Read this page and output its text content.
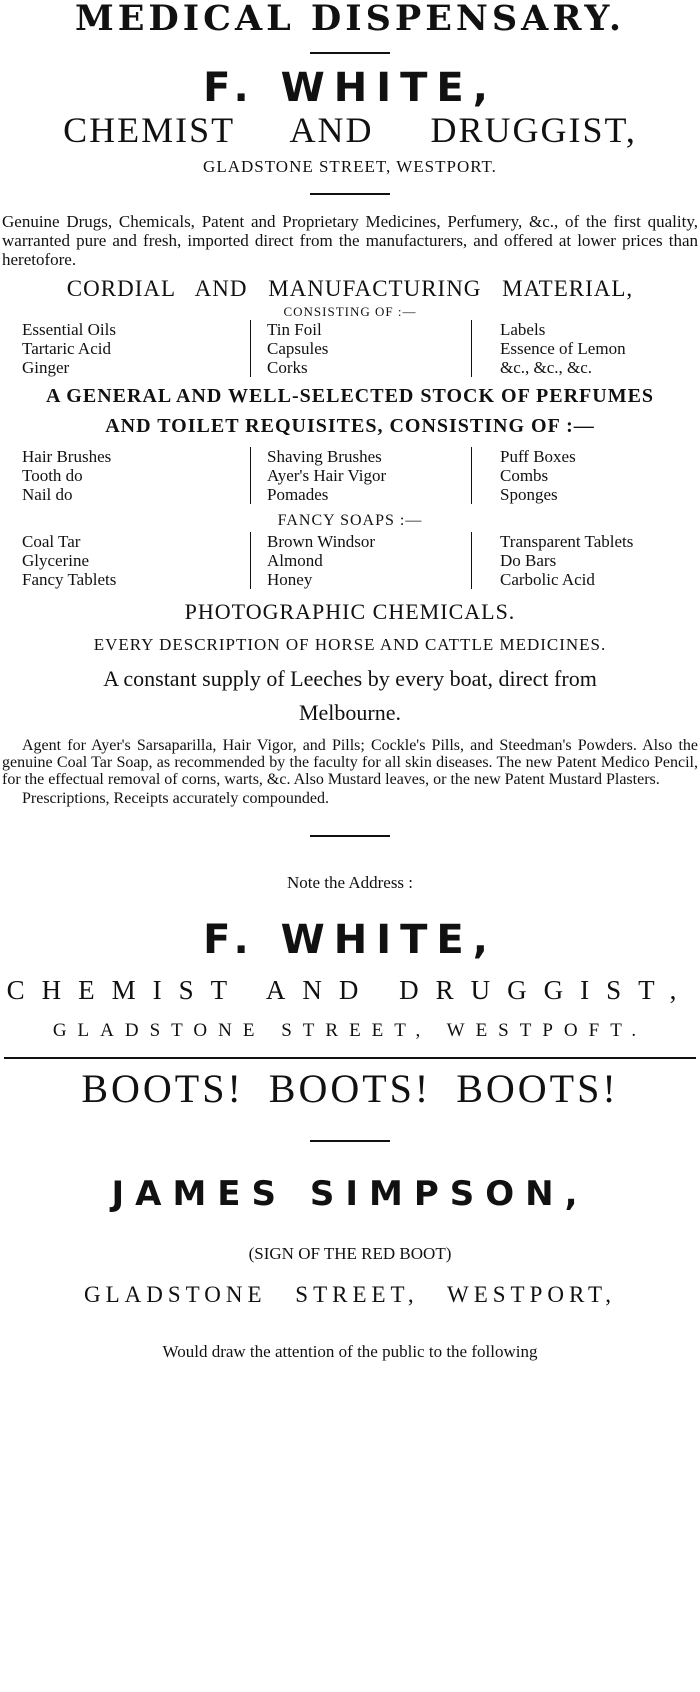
MEDICAL DISPENSARY.
F. WHITE,
CHEMIST AND DRUGGIST,
GLADSTONE STREET, WESTPORT.

Genuine Drugs, Chemicals, Patent and Proprietary Medicines, Perfumery, &c., of the first quality, warranted pure and fresh, imported direct from the manufacturers, and offered at lower prices than heretofore.

CORDIAL AND MANUFACTURING MATERIAL,
CONSISTING OF :—
Essential Oils
Tartaric Acid
Ginger
Tin Foil
Capsules
Corks
Labels
Essence of Lemon
&c., &c., &c.
A GENERAL AND WELL-SELECTED STOCK OF PERFUMES
AND TOILET REQUISITES, CONSISTING OF :—
Hair Brushes
Tooth do
Nail do
Shaving Brushes
Ayer's Hair Vigor
Pomades
Puff Boxes
Combs
Sponges
FANCY SOAPS :—
Coal Tar
Glycerine
Fancy Tablets
Brown Windsor
Almond
Honey
Transparent Tablets
Do Bars
Carbolic Acid
PHOTOGRAPHIC CHEMICALS.
EVERY DESCRIPTION OF HORSE AND CATTLE MEDICINES.
A constant supply of Leeches by every boat, direct from
Melbourne.

Agent for Ayer's Sarsaparilla, Hair Vigor, and Pills; Cockle's Pills, and Steedman's Powders. Also the genuine Coal Tar Soap, as recommended by the faculty for all skin diseases. The new Patent Medico Pencil, for the effectual removal of corns, warts, &c. Also Mustard leaves, or the new Patent Mustard Plasters.

Prescriptions, Receipts accurately compounded.

Note the Address :
F. WHITE,
CHEMIST AND DRUGGIST,
GLADSTONE STREET, WESTPOFT.
BOOTS! BOOTS! BOOTS!
JAMES SIMPSON,
(SIGN OF THE RED BOOT)
GLADSTONE STREET, WESTPORT,
Would draw the attention of the public to the following
